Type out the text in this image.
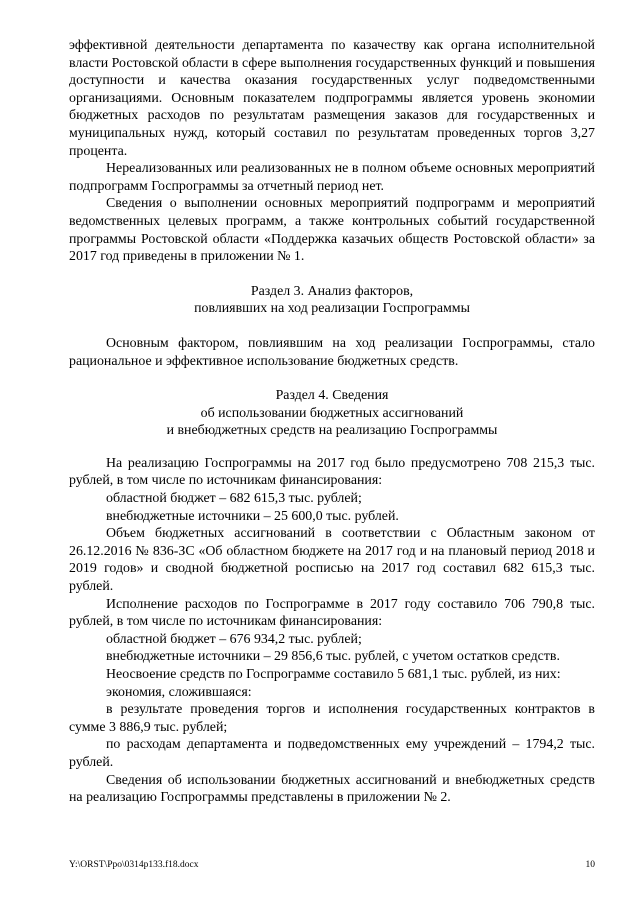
эффективной деятельности департамента по казачеству как органа исполнительной власти Ростовской области в сфере выполнения государственных функций и повышения доступности и качества оказания государственных услуг подведомственными организациями. Основным показателем подпрограммы является уровень экономии бюджетных расходов по результатам размещения заказов для государственных и муниципальных нужд, который составил по результатам проведенных торгов 3,27 процента.

Нереализованных или реализованных не в полном объеме основных мероприятий подпрограмм Госпрограммы за отчетный период нет.

Сведения о выполнении основных мероприятий подпрограмм и мероприятий ведомственных целевых программ, а также контрольных событий государственной программы Ростовской области «Поддержка казачьих обществ Ростовской области» за 2017 год приведены в приложении № 1.

Раздел 3. Анализ факторов,

повлиявших на ход реализации Госпрограммы

Основным фактором, повлиявшим на ход реализации Госпрограммы, стало рациональное и эффективное использование бюджетных средств.

Раздел 4. Сведения

об использовании бюджетных ассигнований

и внебюджетных средств на реализацию Госпрограммы

На реализацию Госпрограммы на 2017 год было предусмотрено 708 215,3 тыс. рублей, в том числе по источникам финансирования:

областной бюджет – 682 615,3 тыс. рублей;

внебюджетные источники – 25 600,0 тыс. рублей.

Объем бюджетных ассигнований в соответствии с Областным законом от 26.12.2016 № 836-ЗС «Об областном бюджете на 2017 год и на плановый период 2018 и 2019 годов» и сводной бюджетной росписью на 2017 год составил 682 615,3 тыс. рублей.

Исполнение расходов по Госпрограмме в 2017 году составило 706 790,8 тыс. рублей, в том числе по источникам финансирования:

областной бюджет – 676 934,2 тыс. рублей;

внебюджетные источники – 29 856,6 тыс. рублей, с учетом остатков средств.

Неосвоение средств по Госпрограмме составило 5 681,1 тыс. рублей, из них:

экономия, сложившаяся:

в результате проведения торгов и исполнения государственных контрактов в сумме 3 886,9 тыс. рублей;

по расходам департамента и подведомственных ему учреждений – 1794,2 тыс. рублей.

Сведения об использовании бюджетных ассигнований и внебюджетных средств на реализацию Госпрограммы представлены в приложении № 2.

Y:\ORST\Ppo\0314p133.f18.docx	10
